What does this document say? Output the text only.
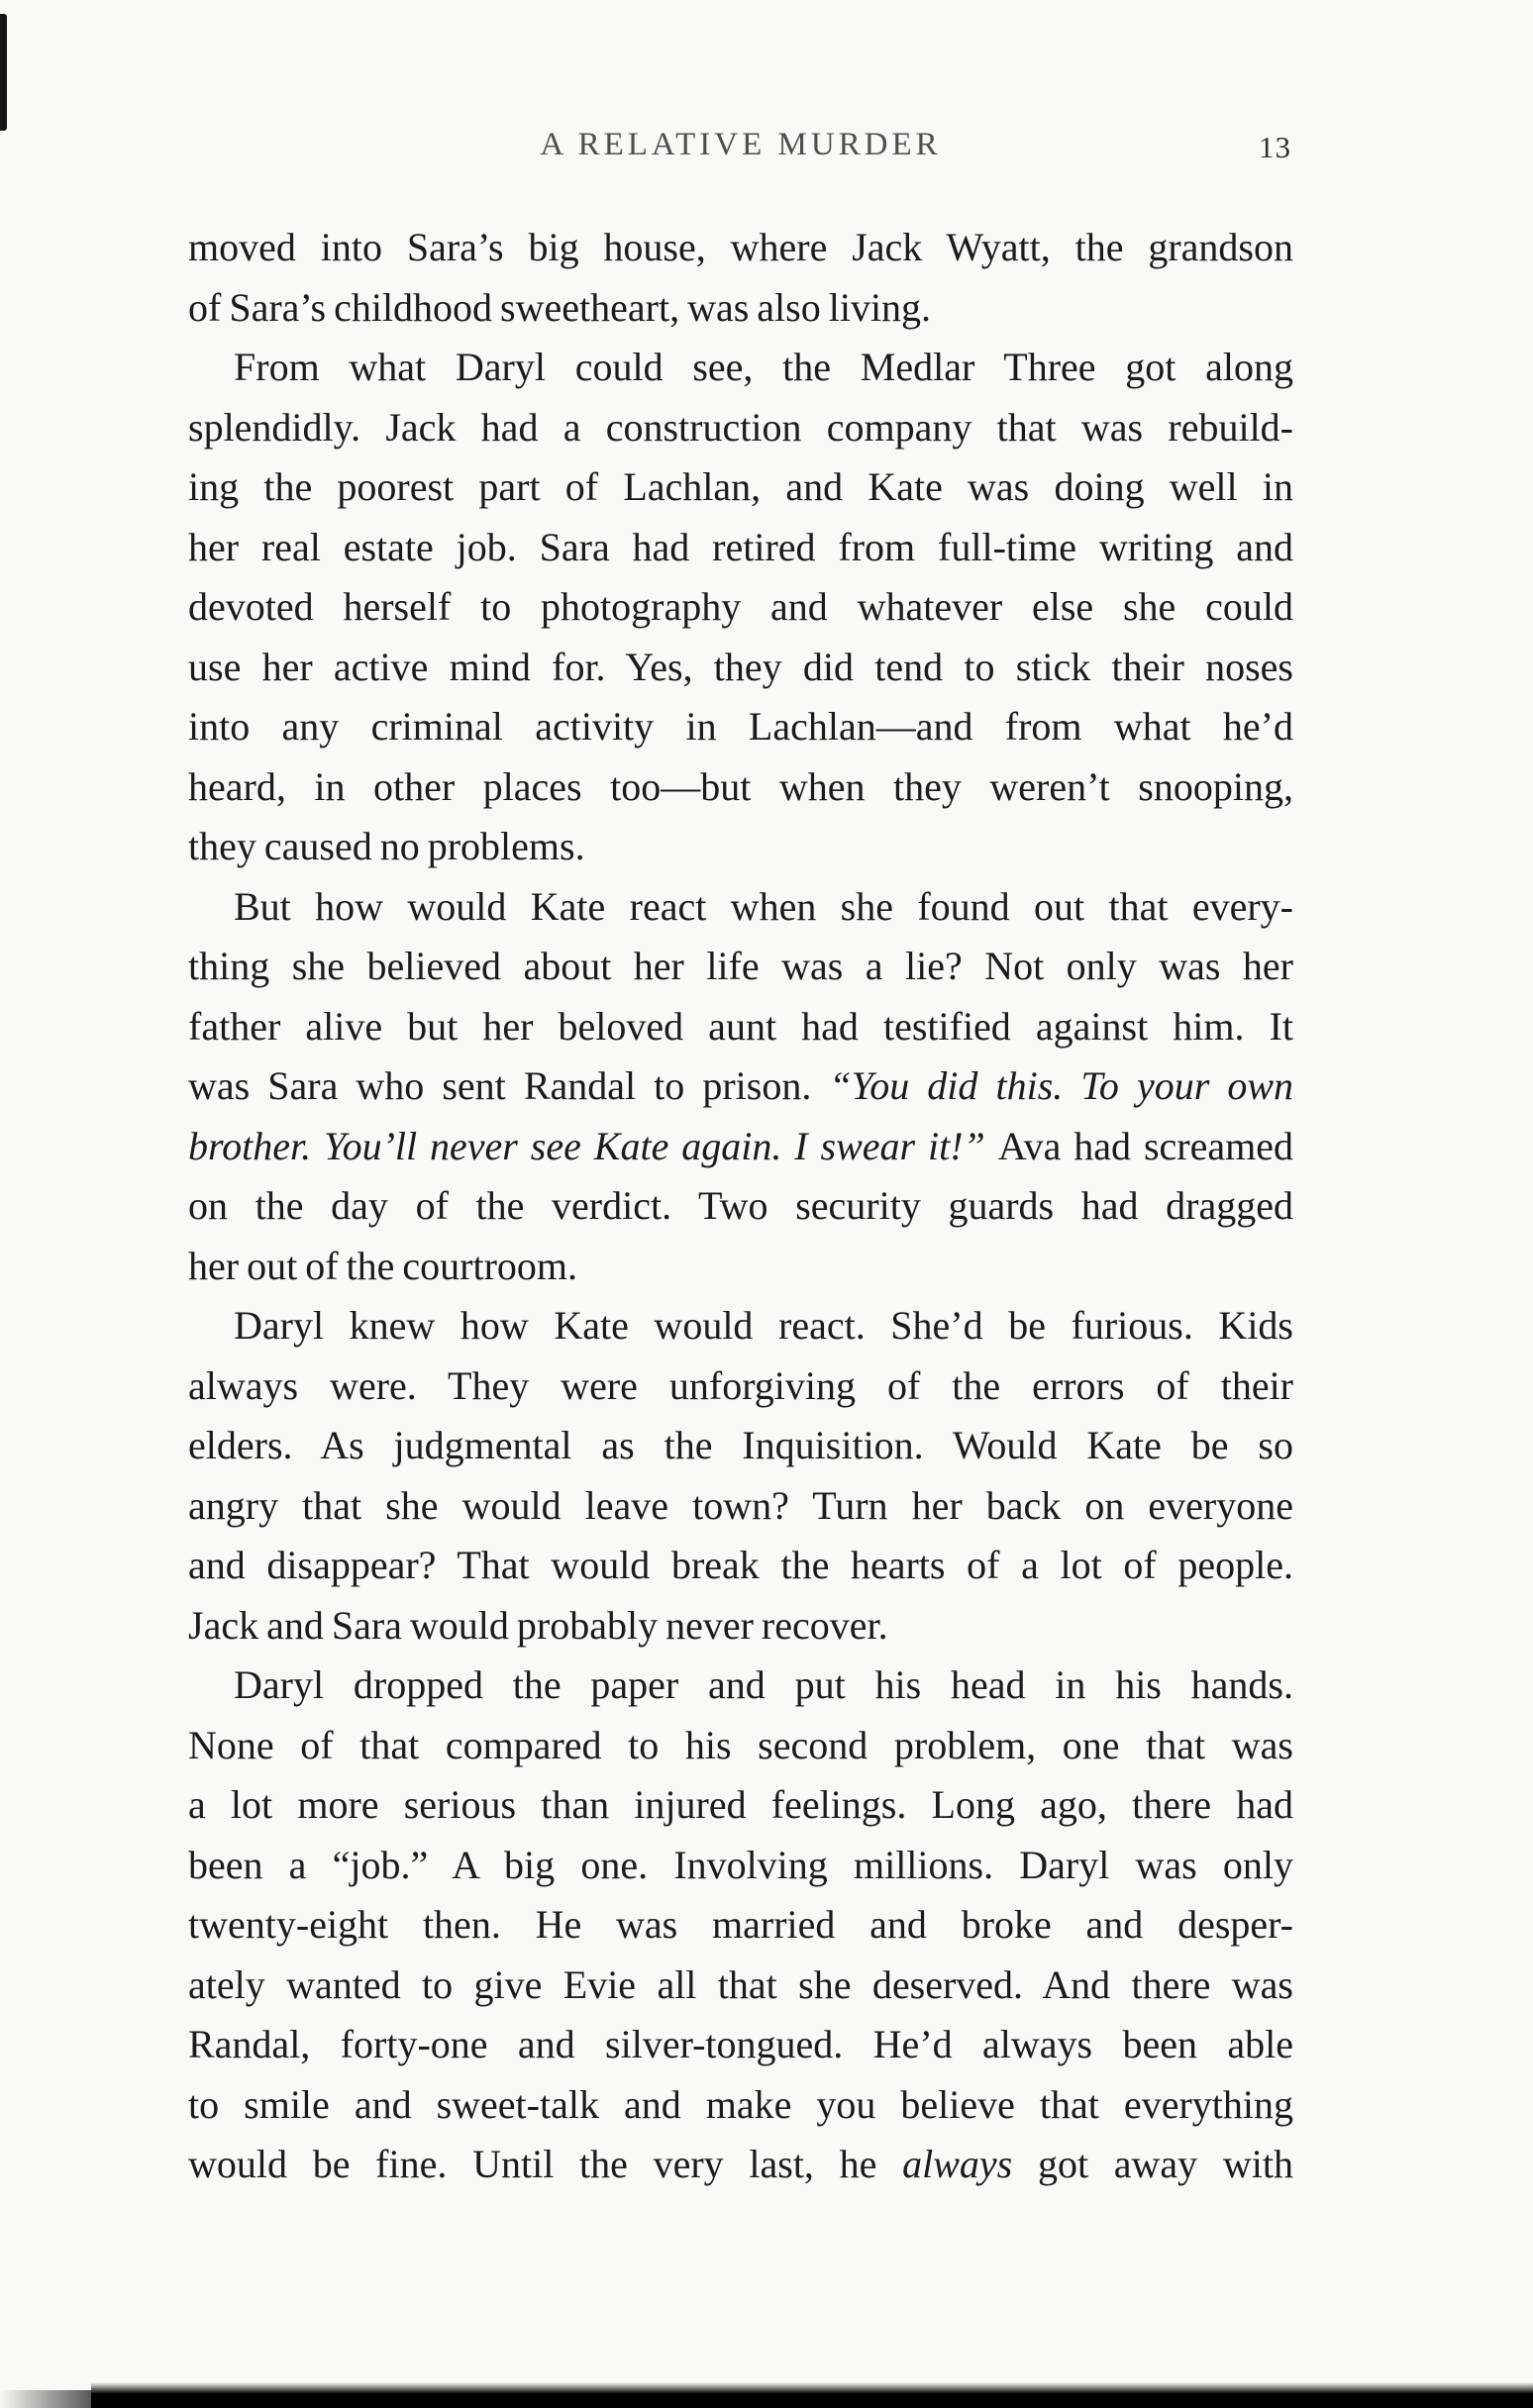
A RELATIVE MURDER	13
moved into Sara’s big house, where Jack Wyatt, the grandson
of Sara’s childhood sweetheart, was also living.
From what Daryl could see, the Medlar Three got along
splendidly. Jack had a construction company that was rebuild-
ing the poorest part of Lachlan, and Kate was doing well in
her real estate job. Sara had retired from full-time writing and
devoted herself to photography and whatever else she could
use her active mind for. Yes, they did tend to stick their noses
into any criminal activity in Lachlan—and from what he’d
heard, in other places too—but when they weren’t snooping,
they caused no problems.
But how would Kate react when she found out that every-
thing she believed about her life was a lie? Not only was her
father alive but her beloved aunt had testified against him. It
was Sara who sent Randal to prison. “You did this. To your own
brother. You’ll never see Kate again. I swear it!” Ava had screamed
on the day of the verdict. Two security guards had dragged
her out of the courtroom.
Daryl knew how Kate would react. She’d be furious. Kids
always were. They were unforgiving of the errors of their
elders. As judgmental as the Inquisition. Would Kate be so
angry that she would leave town? Turn her back on everyone
and disappear? That would break the hearts of a lot of people.
Jack and Sara would probably never recover.
Daryl dropped the paper and put his head in his hands.
None of that compared to his second problem, one that was
a lot more serious than injured feelings. Long ago, there had
been a “job.” A big one. Involving millions. Daryl was only
twenty-eight then. He was married and broke and desper-
ately wanted to give Evie all that she deserved. And there was
Randal, forty-one and silver-tongued. He’d always been able
to smile and sweet-talk and make you believe that everything
would be fine. Until the very last, he always got away with
